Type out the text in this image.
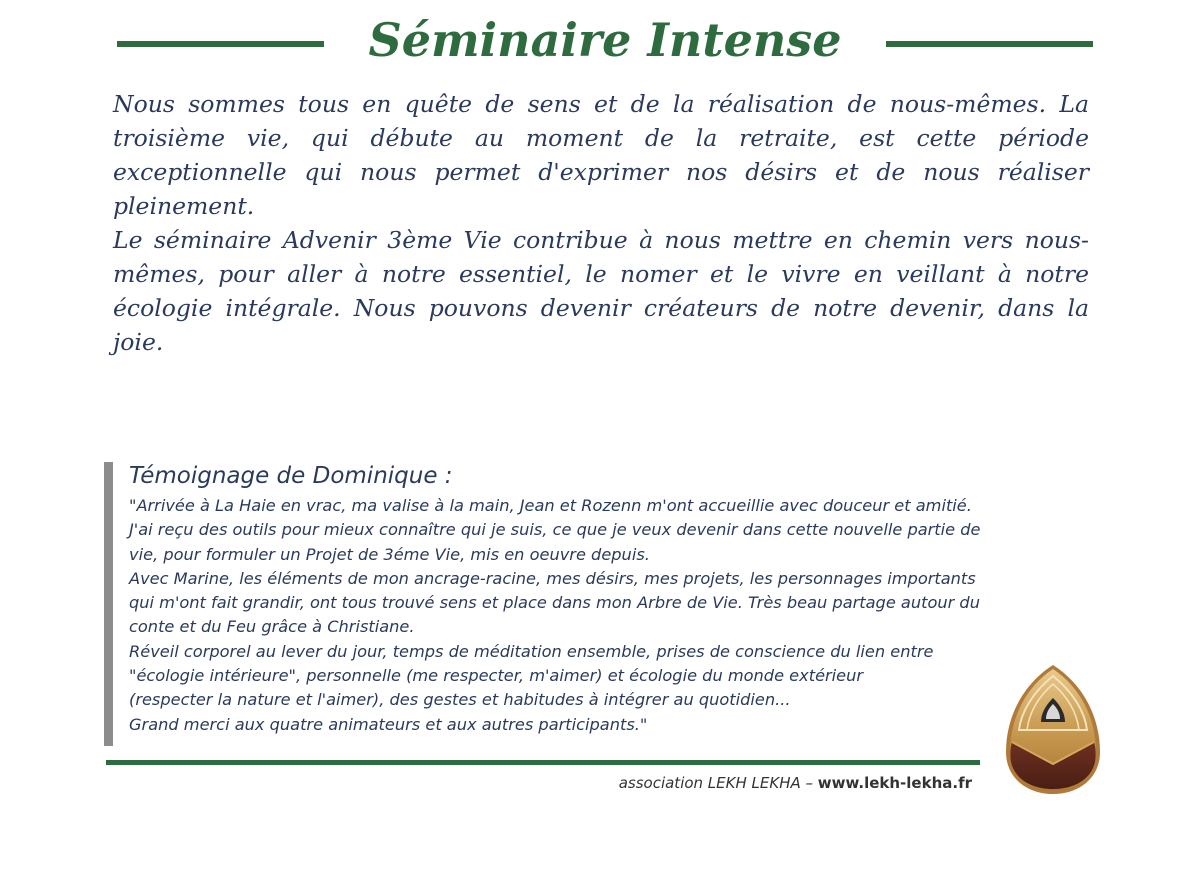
Séminaire Intense

Nous sommes tous en quête de sens et de la réalisation de nous-mêmes. La troisième vie, qui débute au moment de la retraite, est cette période exceptionnelle qui nous permet d'exprimer nos désirs et de nous réaliser pleinement.

Le séminaire Advenir 3ème Vie contribue à nous mettre en chemin vers nous-mêmes, pour aller à notre essentiel, le nomer et le vivre en veillant à notre écologie intégrale. Nous pouvons devenir créateurs de notre devenir, dans la joie.

Témoignage de Dominique :

"Arrivée à La Haie en vrac, ma valise à la main, Jean et Rozenn m'ont accueillie avec douceur et amitié.

J'ai reçu des outils pour mieux connaître qui je suis, ce que je veux devenir dans cette nouvelle partie de

vie, pour formuler un Projet de 3éme Vie, mis en oeuvre depuis.

Avec Marine, les éléments de mon ancrage-racine, mes désirs, mes projets, les personnages importants

qui m'ont fait grandir, ont tous trouvé sens et place dans mon Arbre de Vie. Très beau partage autour du

conte et du Feu grâce à Christiane.

Réveil corporel au lever du jour, temps de méditation ensemble, prises de conscience du lien entre

"écologie intérieure", personnelle (me respecter, m'aimer) et écologie du monde extérieur

(respecter la nature et l'aimer), des gestes et habitudes à intégrer au quotidien...

Grand merci aux quatre animateurs et aux autres participants."

association LEKH LEKHA – www.lekh-lekha.fr
